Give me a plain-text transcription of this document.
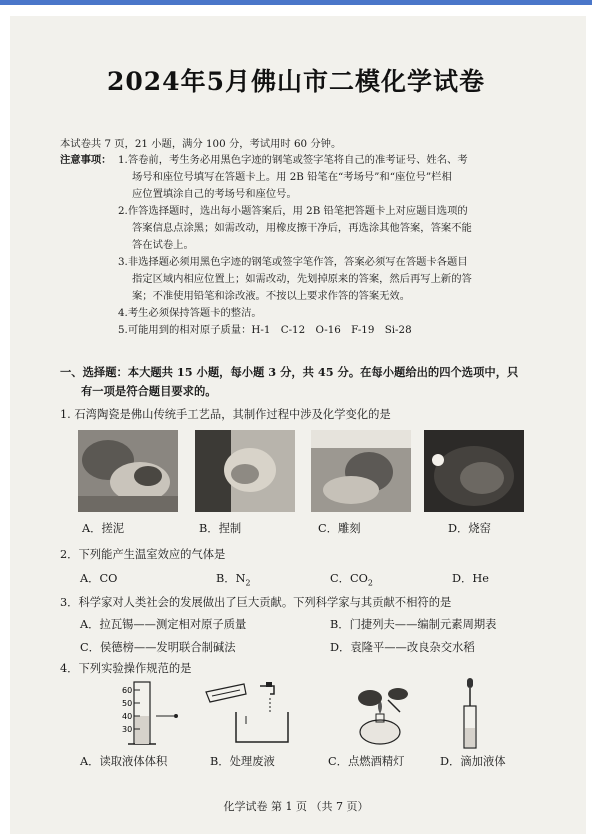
2024年5月佛山市二模化学试卷
本试卷共 7 页，21 小题，满分 100 分，考试用时 60 分钟。
注意事项： 1.答卷前，考生务必用黑色字迹的钢笔或签字笔将自己的准考证号、姓名、考
场号和座位号填写在答题卡上。用 2B 铅笔在“考场号”和“座位号”栏相
应位置填涂自己的考场号和座位号。
2.作答选择题时，选出每小题答案后，用 2B 铅笔把答题卡上对应题目选项的
答案信息点涂黑；如需改动，用橡皮擦干净后，再选涂其他答案，答案不能
答在试卷上。
3.非选择题必须用黑色字迹的钢笔或签字笔作答，答案必须写在答题卡各题目
指定区域内相应位置上；如需改动，先划掉原来的答案，然后再写上新的答
案；不准使用铅笔和涂改液。不按以上要求作答的答案无效。
4.考生必须保持答题卡的整洁。
5.可能用到的相对原子质量：H-1　C-12　O-16　F-19　Si-28
一、选择题：本大题共 15 小题，每小题 3 分，共 45 分。在每小题给出的四个选项中，只
有一项是符合题目要求的。
1. 石湾陶瓷是佛山传统手工艺品，其制作过程中涉及化学变化的是
A．搓泥	B．捏制	C．雕刻	D．烧窑
2．下列能产生温室效应的气体是
A．CO	B．$N_2$	C．$CO_2$	D．He
3．科学家对人类社会的发展做出了巨大贡献。下列科学家与其贡献不相符的是
A．拉瓦锡——测定相对原子质量	B．门捷列夫——编制元素周期表
C．侯德榜——发明联合制碱法	D．袁隆平——改良杂交水稻
4．下列实验操作规范的是
60
50
40
30
A．读取液体体积	B．处理废液	C．点燃酒精灯	D．滴加液体
化学试卷 第 1 页 （共 7 页）
